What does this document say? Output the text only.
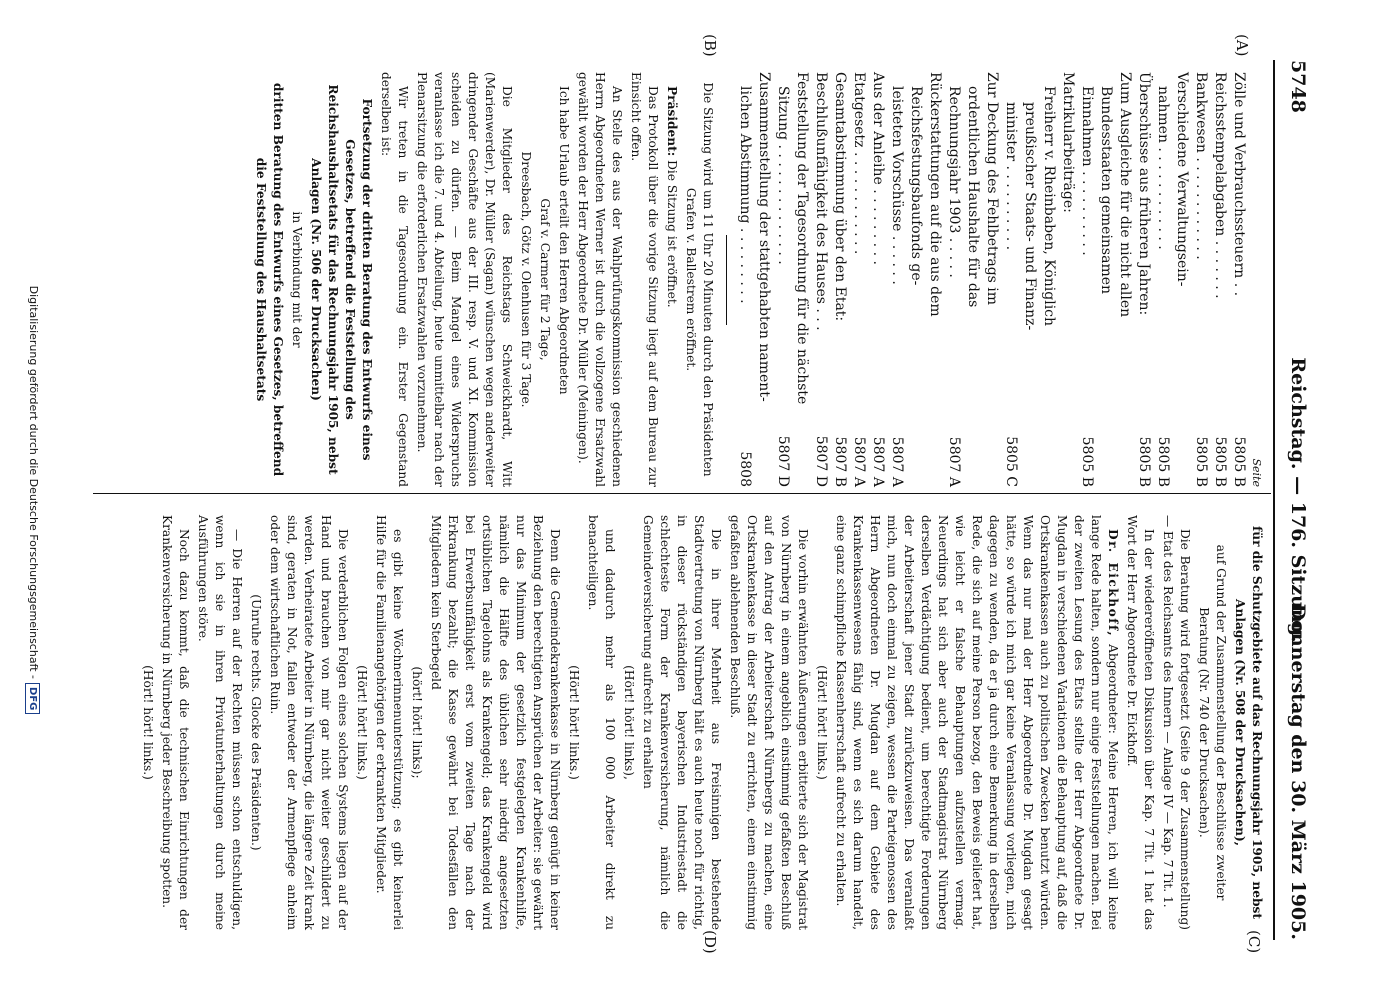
5748
Reichstag. — 176. Sitzung.
Donnerstag den 30. März 1905.
(A)
(B)
(C)
(D)
Seite
Zölle und Verbrauchssteuern . .	5805 B
Reichsstempelabgaben . . . . . . .	5805 B
Bankwesen . . . . . . . . . . . .	5805 B
Verschiedene Verwaltungsein-	
nahmen . . . . . . . . . . . .	5805 B
Überschüsse aus früheren Jahren:	5805 B
Zum Ausgleiche für die nicht allen	
Bundesstaaten gemeinsamen	
Einnahmen . . . . . . . . . .	5805 B
Matrikularbeiträge:	
Freiherr v. Rheinbaben, Königlich	
preußischer Staats- und Finanz-	
minister . . . . . . . . . .	5805 C
Zur Deckung des Fehlbetrags im	
ordentlichen Haushalte für das	
Rechnungsjahr 1903 . . . . .	5807 A
Rückerstattungen auf die aus dem	
Reichsfestungsbaufonds ge-	
leisteten Vorschüsse . . . . . .	5807 A
Aus der Anleihe . . . . . . . . .	5807 A
Etatgesetz . . . . . . . . . . . .	5807 A
Gesamtabstimmung über den Etat:	5807 B
Beschlußunfähigkeit des Hauses . . .	5807 D
Feststellung der Tagesordnung für die nächste	
Sitzung . . . . . . . . . . . . . .	5807 D
Zusammenstellung der stattgehabten nament-	
lichen Abstimmung . . . . . . . . .	5808

Die Sitzung wird um 11 Uhr 20 Minuten durch den Präsidenten Grafen v. Ballestrem eröffnet.

Präsident: Die Sitzung ist eröffnet.

Das Protokoll über die vorige Sitzung liegt auf dem Bureau zur Einsicht offen.

An Stelle des aus der Wahlprüfungskommission geschiedenen Herrn Abgeordneten Werner ist durch die vollzogene Ersatzwahl gewählt worden der Herr Abgeordnete Dr. Müller (Meiningen).

Ich habe Urlaub erteilt den Herren Abgeordneten

Graf v. Carmer für 2 Tage,

Dreesbach, Götz v. Olenhusen für 3 Tage.

Die Mitglieder des Reichstags Schweickhardt, Witt (Marienwerder), Dr. Müller (Sagan) wünschen wegen anderweiter dringender Geschäfte aus der III. resp. V. und XI. Kommission scheiden zu dürfen. — Beim Mangel eines Widerspruchs veranlasse ich die 7. und 4. Abteilung, heute unmittelbar nach der Plenarsitzung die erforderlichen Ersatzwahlen vorzunehmen.

Wir treten in die Tagesordnung ein. Erster Gegenstand derselben ist:

Fortsetzung der dritten Beratung des Entwurfs eines Gesetzes, betreffend die Feststellung des Reichshaushaltsetats für das Rechnungsjahr 1905, nebst Anlagen (Nr. 506 der Drucksachen)

in Verbindung mit der

dritten Beratung des Entwurfs eines Gesetzes, betreffend die Feststellung des Haushaltsetats

für die Schutzgebiete auf das Rechnungsjahr 1905, nebst Anlagen (Nr. 508 der Drucksachen),

auf Grund der Zusammenstellung der Beschlüsse zweiter Beratung (Nr. 740 der Drucksachen).

Die Beratung wird fortgesetzt (Seite 9 der Zusammenstellung) — Etat des Reichsamts des Innern — Anlage IV — Kap. 7 Tit. 1.

In der wiedereröffneten Diskussion über Kap. 7 Tit. 1 hat das Wort der Herr Abgeordnete Dr. Eickhoff.

Dr. Eickhoff, Abgeordneter: Meine Herren, ich will keine lange Rede halten, sondern nur einige Feststellungen machen. Bei der zweiten Lesung des Etats stellte der Herr Abgeordnete Dr. Mugdan in verschiedenen Variationen die Behauptung auf, daß die Ortskrankenkassen auch zu politischen Zwecken benutzt würden. Wenn das nur mal der Herr Abgeordnete Dr. Mugdan gesagt hätte, so würde ich mich gar keine Veranlassung vorliegen, mich dagegen zu wenden, da er ja durch eine Bemerkung in derselben Rede, die sich auf meine Person bezog, den Beweis geliefert hat, wie leicht er falsche Behauptungen aufzustellen vermag. Neuerdings hat sich aber auch der Stadtmagistrat Nürnberg derselben Verdächtigung bedient, um berechtigte Forderungen der Arbeiterschaft jener Stadt zurückzuweisen. Das veranlaßt mich, nun doch einmal zu zeigen, wessen die Parteigenossen des Herrn Abgeordneten Dr. Mugdan auf dem Gebiete des Krankenkassenwesens fähig sind, wenn es sich darum handelt, eine ganz schimpfliche Klassenherrschaft aufrecht zu erhalten.

(Hört! hört! links.)

Die vorhin erwähnten Äußerungen erbitterte sich der Magistrat von Nürnberg in einem angeblich einstimmig gefaßten Beschluß auf den Antrag der Arbeiterschaft Nürnbergs zu machen, eine Ortskrankenkasse in dieser Stadt zu errichten, einem einstimmig gefaßten ablehnenden Beschluß.

Die in ihrer Mehrheit aus Freisinnigen bestehende Stadtvertretung von Nürnberg hält es auch heute noch für richtig, in dieser rückständigen bayerischen Industriestadt die schlechteste Form der Krankenversicherung, nämlich die Gemeindeversicherung aufrecht zu erhalten

(Hört! hört! links),

und dadurch mehr als 100 000 Arbeiter direkt zu benachteiligen.

(Hört! hört! links.)

Denn die Gemeindekrankenkasse in Nürnberg genügt in keiner Beziehung den berechtigten Ansprüchen der Arbeiter: sie gewährt nur das Minimum der gesetzlich festgelegten Krankenhilfe, nämlich die Hälfte des üblichen sehr niedrig angesetzten ortsüblichen Tagelohns als Krankengeld; das Krankengeld wird bei Erwerbsunfähigkeit erst vom zweiten Tage nach der Erkrankung bezahlt; die Kasse gewährt bei Todesfällen den Mitgliedern kein Sterbegeld

(hört! hört! links);

es gibt keine Wöchnerinnenunterstützung; es gibt keinerlei Hilfe für die Familienangehörigen der erkrankten Mitglieder.

(Hört! hört! links.)

Die verderblichen Folgen eines solchen Systems liegen auf der Hand und brauchen von mir gar nicht weiter geschildert zu werden. Verheiratete Arbeiter in Nürnberg, die längere Zeit krank sind, geraten in Not, fallen entweder der Armenpflege anheim oder dem wirtschaftlichen Ruin.

(Unruhe rechts. Glocke des Präsidenten.)

— Die Herren auf der Rechten müssen schon entschuldigen, wenn ich sie in ihren Privatunterhaltungen durch meine Ausführungen störe.

Noch dazu kommt, daß die technischen Einrichtungen der Krankenversicherung in Nürnberg jeder Beschreibung spotten.

(Hört! hört! links.)

Digitalisierung gefördert durch die Deutsche Forschungsgemeinschaft -DFG
